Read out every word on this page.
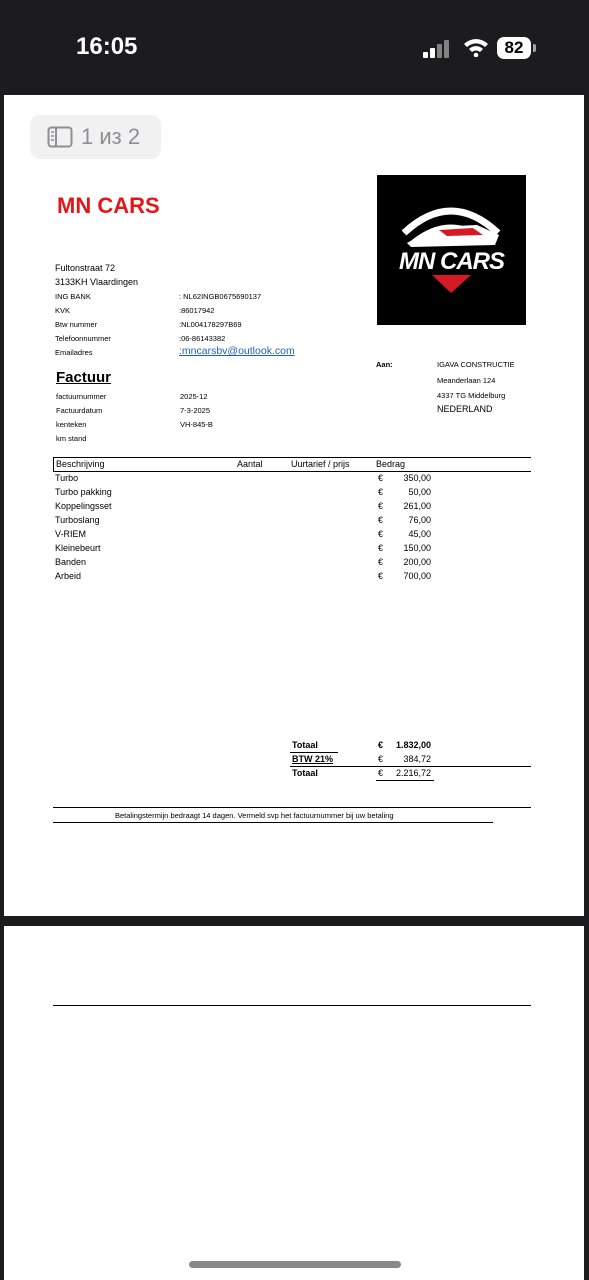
16:05	82
1 из 2
MN CARS
MN CARS
Fultonstraat 72
3133KH Vlaardingen
ING BANK	: NL62INGB0675690137
KVK	:86017942
Btw nummer	:NL004178297B69
Telefoonnummer	:06-86143382
Emailadres	:mncarsbv@outlook.com
Aan:	IGAVA CONSTRUCTIE
Meanderlaan 124
4337 TG Middelburg
NEDERLAND
Factuur
factuurnummer	2025-12
Factuurdatum	7-3-2025
kenteken	VH-845-B
km stand
Beschrijving	Aantal	Uurtarief / prijs	Bedrag
Turbo	€	350,00
Turbo pakking	€	50,00
Koppelingsset	€	261,00
Turboslang	€	76,00
V-RIEM	€	45,00
Kleinebeurt	€	150,00
Banden	€	200,00
Arbeid	€	700,00
Totaal	€	1.832,00
BTW 21%	€	384,72
Totaal	€	2.216,72
Betalingstermijn bedraagt 14 dagen. Vermeld svp het factuurnummer bij uw betaling
